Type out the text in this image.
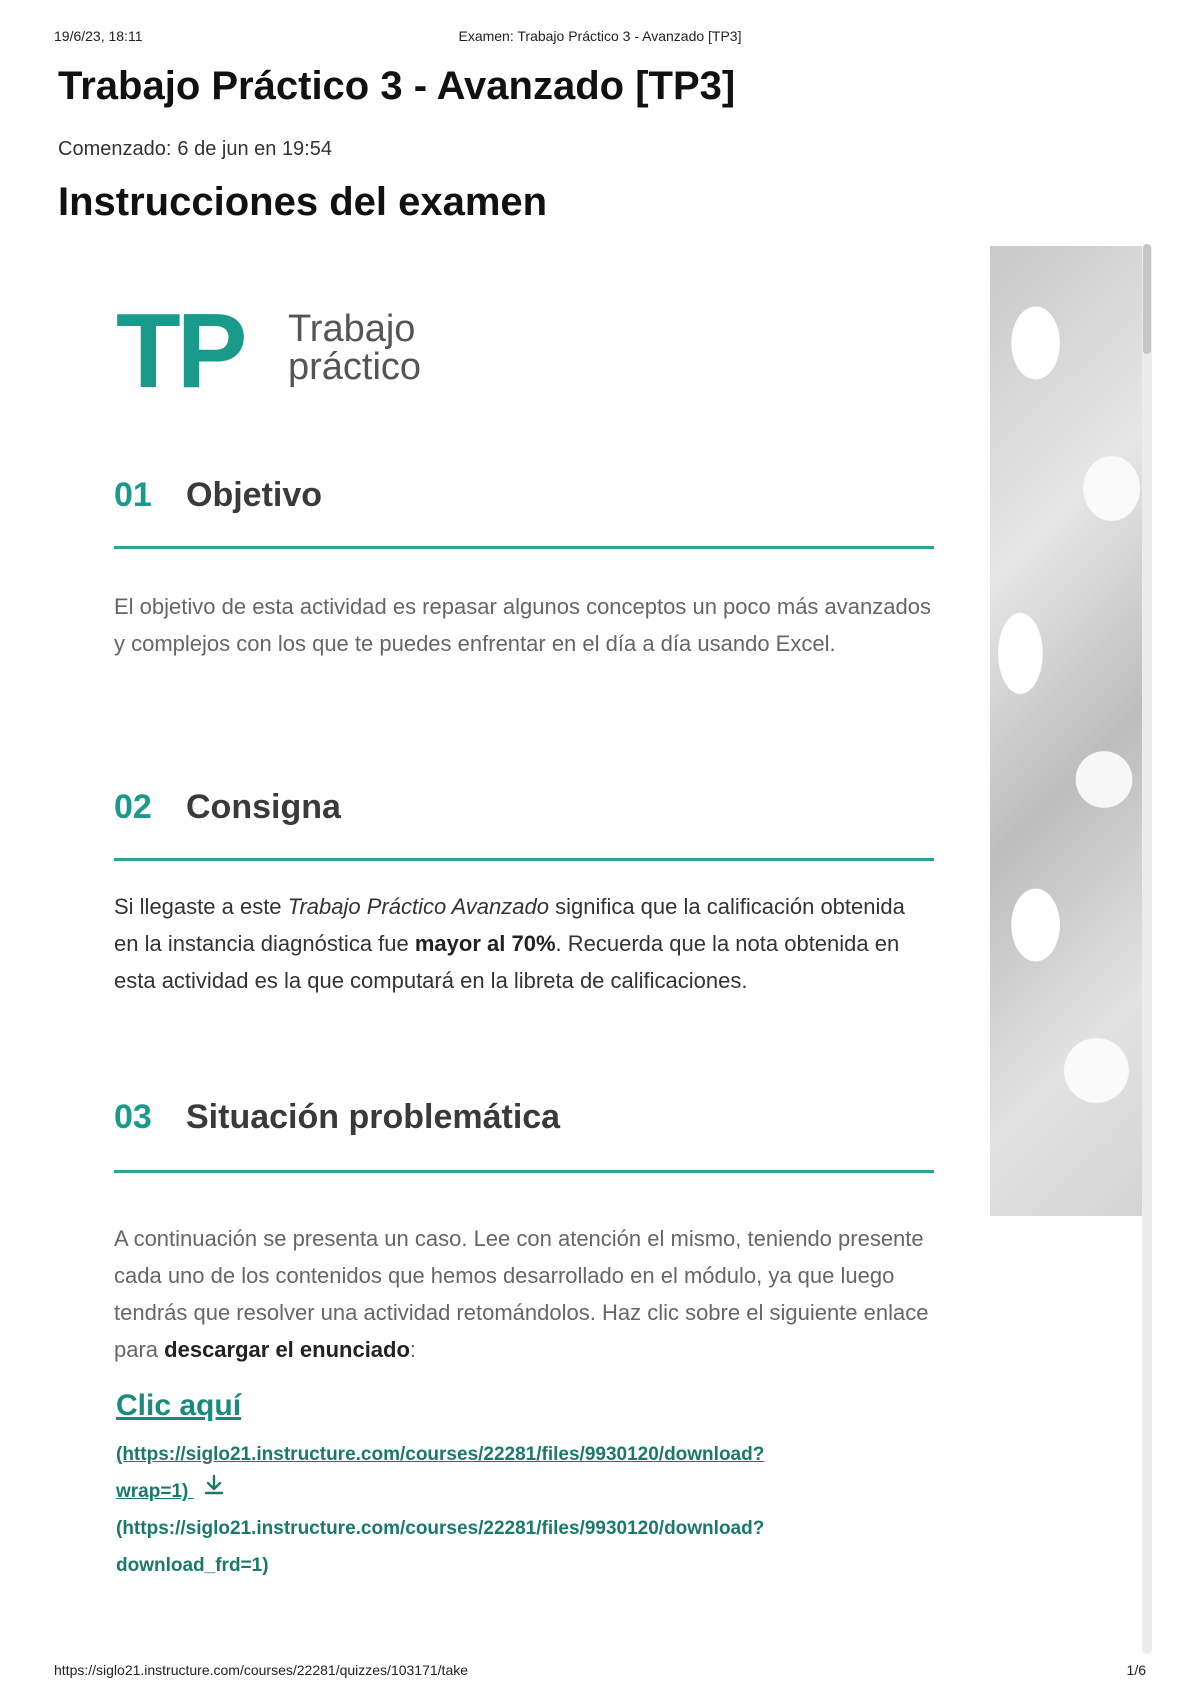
19/6/23, 18:11	Examen: Trabajo Práctico 3 - Avanzado [TP3]
Trabajo Práctico 3 - Avanzado [TP3]
Comenzado: 6 de jun en 19:54
Instrucciones del examen
TP Trabajo
práctico
01	Objetivo

El objetivo de esta actividad es repasar algunos conceptos un poco más avanzados y complejos con los que te puedes enfrentar en el día a día usando Excel.

02	Consigna

Si llegaste a este Trabajo Práctico Avanzado significa que la calificación obtenida en la instancia diagnóstica fue mayor al 70%. Recuerda que la nota obtenida en esta actividad es la que computará en la libreta de calificaciones.

03	Situación problemática

A continuación se presenta un caso. Lee con atención el mismo, teniendo presente cada uno de los contenidos que hemos desarrollado en el módulo, ya que luego tendrás que resolver una actividad retomándolos. Haz clic sobre el siguiente enlace para descargar el enunciado:

Clic aquí
(https://siglo21.instructure.com/courses/22281/files/9930120/download?
wrap=1)
(https://siglo21.instructure.com/courses/22281/files/9930120/download?
download_frd=1)
https://siglo21.instructure.com/courses/22281/quizzes/103171/take	1/6
